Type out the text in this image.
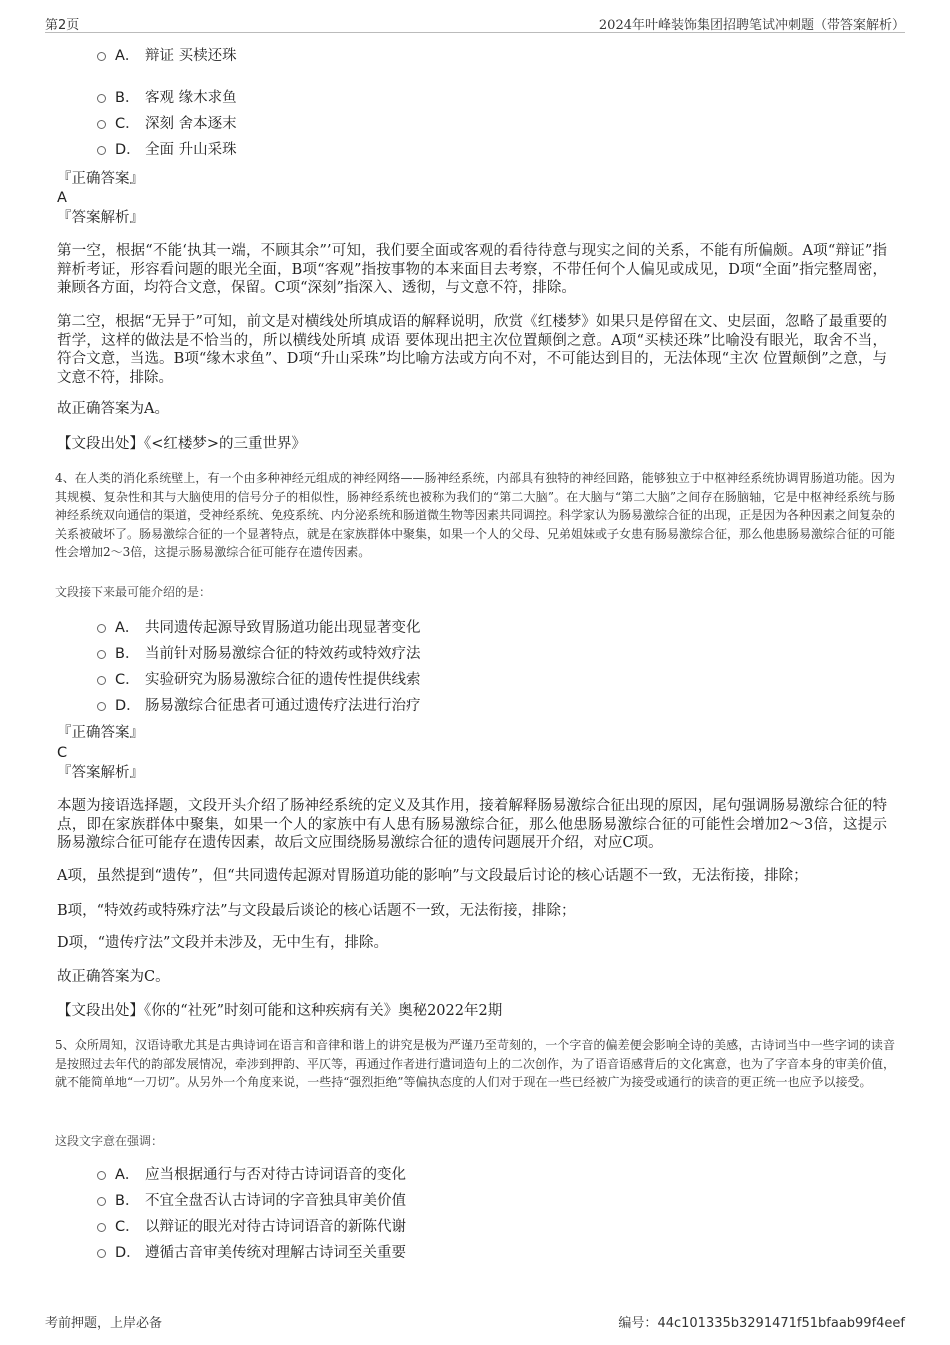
第2页	2024年叶峰装饰集团招聘笔试冲刺题（带答案解析）
A． 辩证 买椟还珠
B． 客观 缘木求鱼
C． 深刻 舍本逐末
D． 全面 升山采珠
『正确答案』
A
『答案解析』
第一空，根据“不能‘执其一端，不顾其余”’可知，我们要全面或客观的看待待意与现实之间的关系，不能有所偏颇。A项“辩证”指辩析考证，形容看问题的眼光全面，B项“客观”指按事物的本来面目去考察，不带任何个人偏见或成见，D项“全面”指完整周密，兼顾各方面，均符合文意，保留。C项“深刻”指深入、透彻，与文意不符，排除。
第二空，根据“无异于”可知，前文是对横线处所填成语的解释说明，欣赏《红楼梦》如果只是停留在文、史层面，忽略了最重要的哲学，这样的做法是不恰当的，所以横线处所填 成语 要体现出把主次位置颠倒之意。A项“买椟还珠”比喻没有眼光，取舍不当，符合文意，当选。B项“缘木求鱼”、D项“升山采珠”均比喻方法或方向不对，不可能达到目的，无法体现“主次 位置颠倒”之意，与文意不符，排除。
故正确答案为A。
【文段出处】《<红楼梦>的三重世界》
4、在人类的消化系统壁上，有一个由多种神经元组成的神经网络——肠神经系统，内部具有独特的神经回路，能够独立于中枢神经系统协调胃肠道功能。因为其规模、复杂性和其与大脑使用的信号分子的相似性，肠神经系统也被称为我们的“第二大脑”。在大脑与“第二大脑”之间存在肠脑轴，它是中枢神经系统与肠神经系统双向通信的渠道，受神经系统、免疫系统、内分泌系统和肠道微生物等因素共同调控。科学家认为肠易激综合征的出现，正是因为各种因素之间复杂的关系被破坏了。肠易激综合征的一个显著特点，就是在家族群体中聚集，如果一个人的父母、兄弟姐妹或子女患有肠易激综合征，那么他患肠易激综合征的可能性会增加2～3倍，这提示肠易激综合征可能存在遗传因素。
文段接下来最可能介绍的是：
A． 共同遗传起源导致胃肠道功能出现显著变化
B． 当前针对肠易激综合征的特效药或特效疗法
C． 实验研究为肠易激综合征的遗传性提供线索
D． 肠易激综合征患者可通过遗传疗法进行治疗
『正确答案』
C
『答案解析』
本题为接语选择题，文段开头介绍了肠神经系统的定义及其作用，接着解释肠易激综合征出现的原因，尾句强调肠易激综合征的特点，即在家族群体中聚集，如果一个人的家族中有人患有肠易激综合征，那么他患肠易激综合征的可能性会增加2～3倍，这提示肠易激综合征可能存在遗传因素，故后文应围绕肠易激综合征的遗传问题展开介绍，对应C项。
A项，虽然提到“遗传”，但“共同遗传起源对胃肠道功能的影响”与文段最后讨论的核心话题不一致，无法衔接，排除；
B项，“特效药或特殊疗法”与文段最后谈论的核心话题不一致，无法衔接，排除；
D项，“遗传疗法”文段并未涉及，无中生有，排除。
故正确答案为C。
【文段出处】《你的“社死”时刻可能和这种疾病有关》奥秘2022年2期
5、众所周知，汉语诗歌尤其是古典诗词在语言和音律和谐上的讲究是极为严谨乃至苛刻的，一个字音的偏差便会影响全诗的美感，古诗词当中一些字词的读音是按照过去年代的韵部发展情况，牵涉到押韵、平仄等，再通过作者进行遣词造句上的二次创作，为了语音语感背后的文化寓意，也为了字音本身的审美价值，就不能简单地“一刀切”。从另外一个角度来说，一些持“强烈拒绝”等偏执态度的人们对于现在一些已经被广为接受或通行的读音的更正统一也应予以接受。
这段文字意在强调：
A． 应当根据通行与否对待古诗词语音的变化
B． 不宜全盘否认古诗词的字音独具审美价值
C． 以辩证的眼光对待古诗词语音的新陈代谢
D． 遵循古音审美传统对理解古诗词至关重要
考前押题，上岸必备	编号：44c101335b3291471f51bfaab99f4eef
